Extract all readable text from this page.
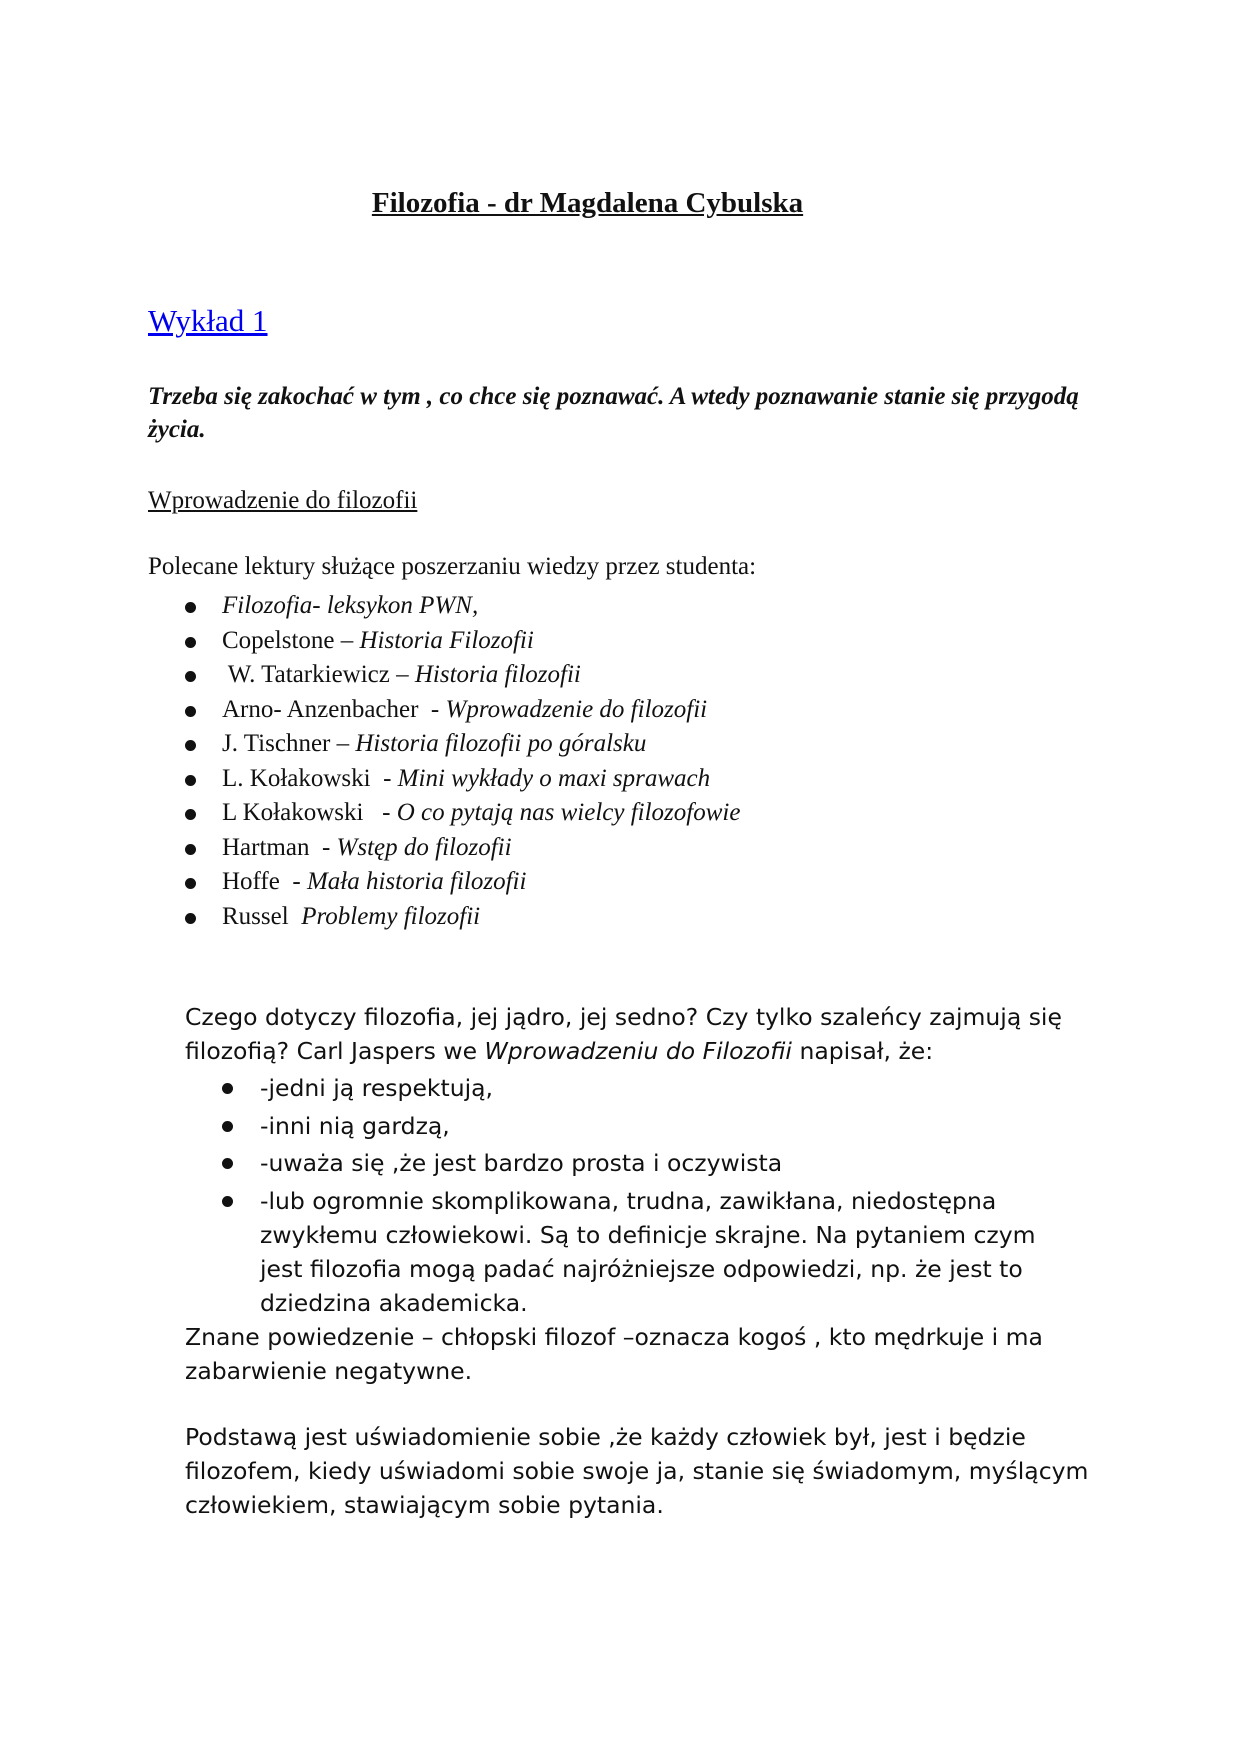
Filozofia - dr Magdalena Cybulska
Wykład 1
Trzeba się zakochać w tym , co chce się poznawać. A wtedy poznawanie stanie się przygodą życia.
Wprowadzenie do filozofii
Polecane lektury służące poszerzaniu wiedzy przez studenta:
Filozofia- leksykon PWN,
Copelstone – Historia Filozofii
W. Tatarkiewicz – Historia filozofii
Arno- Anzenbacher  - Wprowadzenie do filozofii
J. Tischner – Historia filozofii po góralsku
L. Kołakowski  - Mini wykłady o maxi sprawach
L Kołakowski   - O co pytają nas wielcy filozofowie
Hartman  - Wstęp do filozofii
Hoffe  - Mała historia filozofii
Russel  Problemy filozofii
Czego dotyczy filozofia, jej jądro, jej sedno? Czy tylko szaleńcy zajmują się filozofią? Carl Jaspers we Wprowadzeniu do Filozofii napisał, że:
-jedni ją respektują,
-inni nią gardzą,
-uważa się ,że jest bardzo prosta i oczywista
-lub ogromnie skomplikowana, trudna, zawikłana, niedostępna zwykłemu człowiekowi. Są to definicje skrajne. Na pytaniem czym jest filozofia mogą padać najróżniejsze odpowiedzi, np. że jest to dziedzina akademicka.
Znane powiedzenie – chłopski filozof –oznacza kogoś , kto mędrkuje i ma zabarwienie negatywne.
Podstawą jest uświadomienie sobie ,że każdy człowiek był, jest i będzie filozofem, kiedy uświadomi sobie swoje ja, stanie się świadomym, myślącym człowiekiem, stawiającym sobie pytania.
